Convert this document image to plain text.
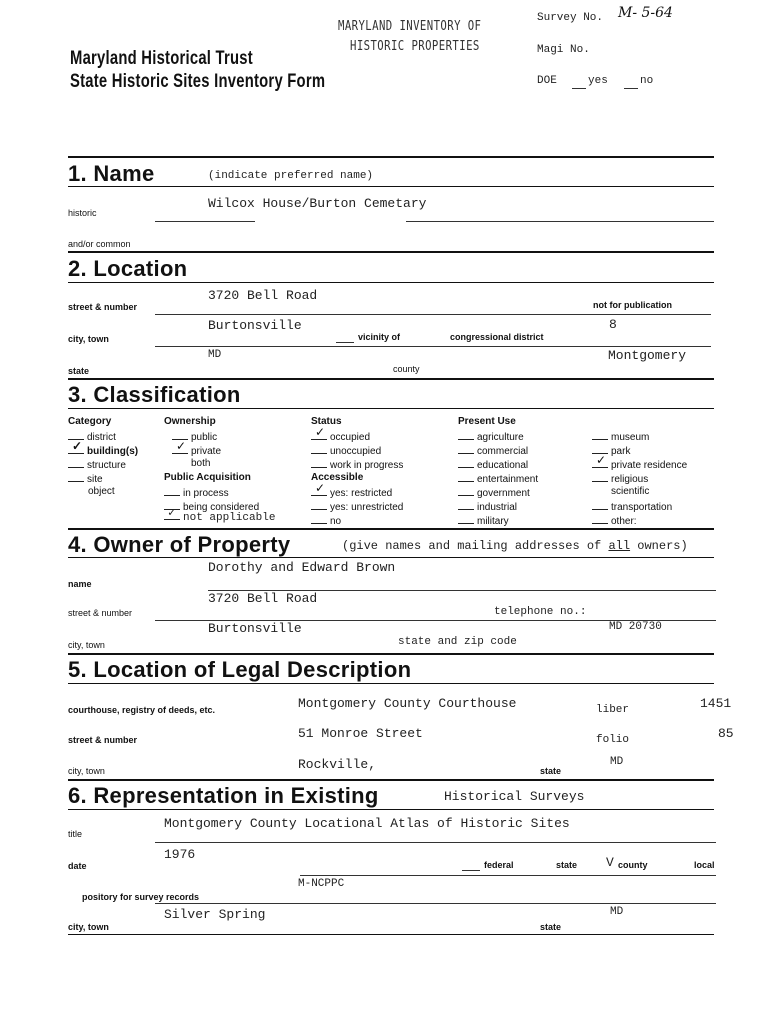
Maryland Historical Trust
State Historic Sites Inventory Form
MARYLAND INVENTORY OF
HISTORIC PROPERTIES
Survey No. M- 5-64
Magi No.
DOE	yes	no
1. Name	(indicate preferred name)
historic
Wilcox House/Burton Cemetary
and/or common
2. Location
street & number
3720 Bell Road
not for publication
city, town
Burtonsville
vicinity of	congressional district
8
state
MD
county
Montgomery
3. Classification
Category
district
✓building(s)
structure
site
object
Ownership
public
✓private
both
Public Acquisition
in process
being considered
✓not applicable
Status
✓occupied
unoccupied
work in progress
Accessible
✓yes: restricted
yes: unrestricted
no
Present Use
agriculture
commercial
educational
entertainment
government
industrial
military
museum
park
✓private residence
religious
scientific
transportation
other:
4. Owner of Property	(give names and mailing addresses of all owners)
name
Dorothy and Edward Brown
street & number
3720 Bell Road
telephone no.:
city, town
Burtonsville	MD 20730
state and zip code
5. Location of Legal Description
courthouse, registry of deeds, etc.	Montgomery County Courthouse	liber	1451
street & number	51 Monroe Street	folio	85
city, town	Rockville,	state
MD
6. Representation in Existing	Historical Surveys
title
Montgomery County Locational Atlas of Historic Sites
date
1976
federal	state V county	local
pository for survey records
M-NCPPC
city, town
Silver Spring
state
MD
